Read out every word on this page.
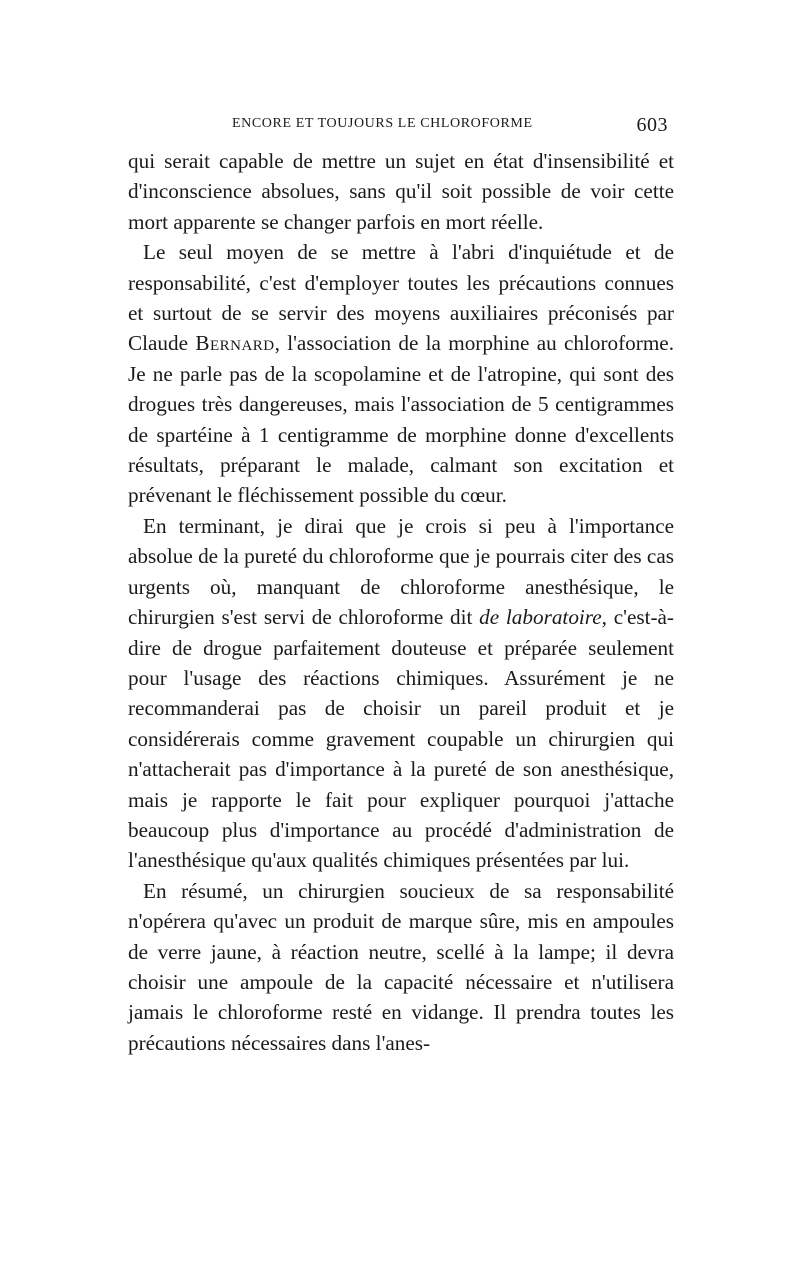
ENCORE ET TOUJOURS LE CHLOROFORME	603

qui serait capable de mettre un sujet en état d'insensibilité et d'inconscience absolues, sans qu'il soit possible de voir cette mort apparente se changer parfois en mort réelle.

Le seul moyen de se mettre à l'abri d'inquiétude et de responsabilité, c'est d'employer toutes les précautions connues et surtout de se servir des moyens auxiliaires préconisés par Claude Bernard, l'association de la morphine au chloroforme. Je ne parle pas de la scopolamine et de l'atropine, qui sont des drogues très dangereuses, mais l'association de 5 centigrammes de spartéine à 1 centigramme de morphine donne d'excellents résultats, préparant le malade, calmant son excitation et prévenant le fléchissement possible du cœur.

En terminant, je dirai que je crois si peu à l'importance absolue de la pureté du chloroforme que je pourrais citer des cas urgents où, manquant de chloroforme anesthésique, le chirurgien s'est servi de chloroforme dit de laboratoire, c'est-à-dire de drogue parfaitement douteuse et préparée seulement pour l'usage des réactions chimiques. Assurément je ne recommanderai pas de choisir un pareil produit et je considérerais comme gravement coupable un chirurgien qui n'attacherait pas d'importance à la pureté de son anesthésique, mais je rapporte le fait pour expliquer pourquoi j'attache beaucoup plus d'importance au procédé d'administration de l'anesthésique qu'aux qualités chimiques présentées par lui.

En résumé, un chirurgien soucieux de sa responsabilité n'opérera qu'avec un produit de marque sûre, mis en ampoules de verre jaune, à réaction neutre, scellé à la lampe; il devra choisir une ampoule de la capacité nécessaire et n'utilisera jamais le chloroforme resté en vidange. Il prendra toutes les précautions nécessaires dans l'anes-
